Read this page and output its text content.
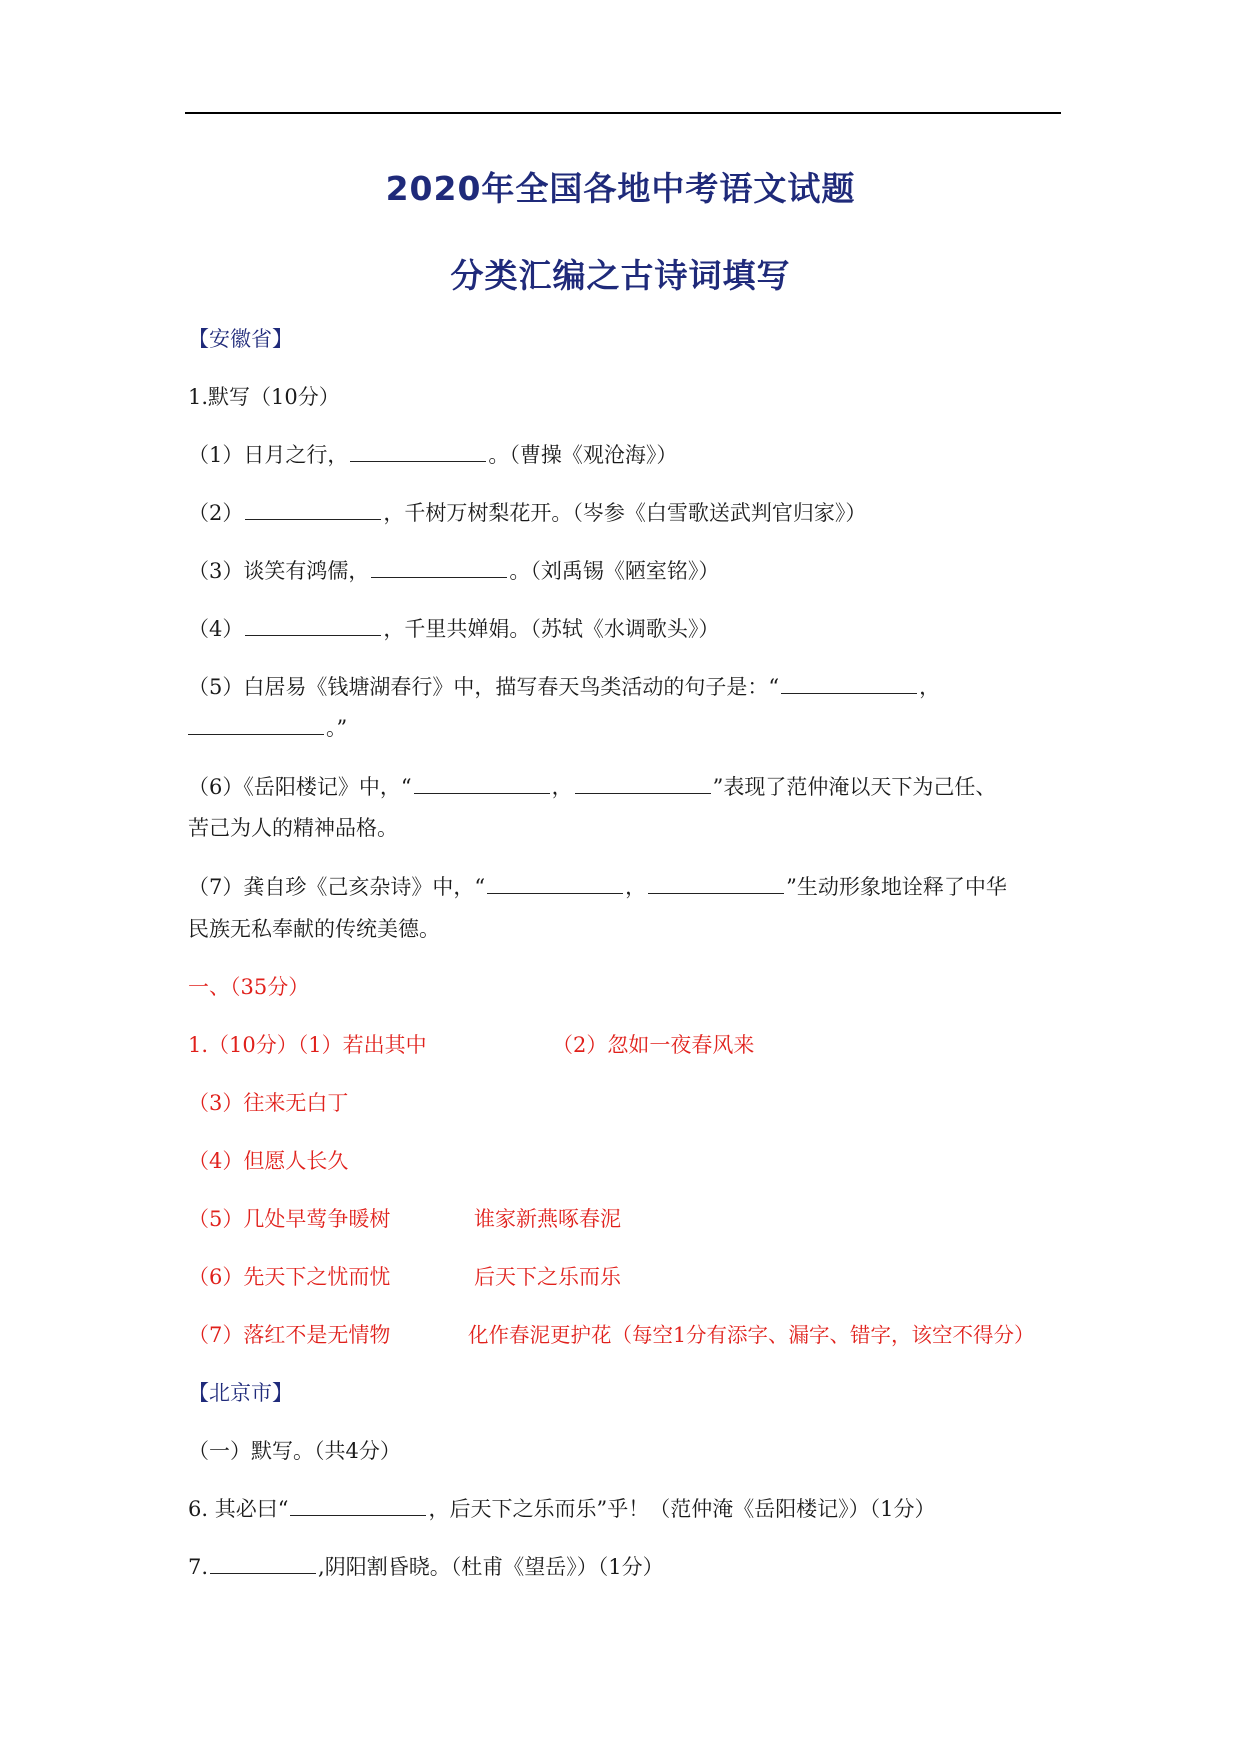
2020年全国各地中考语文试题
分类汇编之古诗词填写
【安徽省】
1.默写（10分）
（1）日月之行，	。（曹操《观沧海》）
（2）	，千树万树梨花开。（岑参《白雪歌送武判官归家》）
（3）谈笑有鸿儒，	。（刘禹锡《陋室铭》）
（4）	，千里共婵娟。（苏轼《水调歌头》）
（5）白居易《钱塘湖春行》中，描写春天鸟类活动的句子是：“	，
。”
（6）《岳阳楼记》中，“	，	”表现了范仲淹以天下为己任、
苦己为人的精神品格。
（7）龚自珍《己亥杂诗》中，“	，	”生动形象地诠释了中华
民族无私奉献的传统美德。
一、（35分）
1.（10分）（1）若出其中	（2）忽如一夜春风来
（3）往来无白丁
（4）但愿人长久
（5）几处早莺争暖树	谁家新燕啄春泥
（6）先天下之忧而忧	后天下之乐而乐
（7）落红不是无情物	化作春泥更护花（每空1分有添字、漏字、错字，该空不得分）
【北京市】
（一）默写。（共4分）
6. 其必曰“	，后天下之乐而乐”乎！（范仲淹《岳阳楼记》）（1分）
7.	,阴阳割昏晓。（杜甫《望岳》）（1分）
